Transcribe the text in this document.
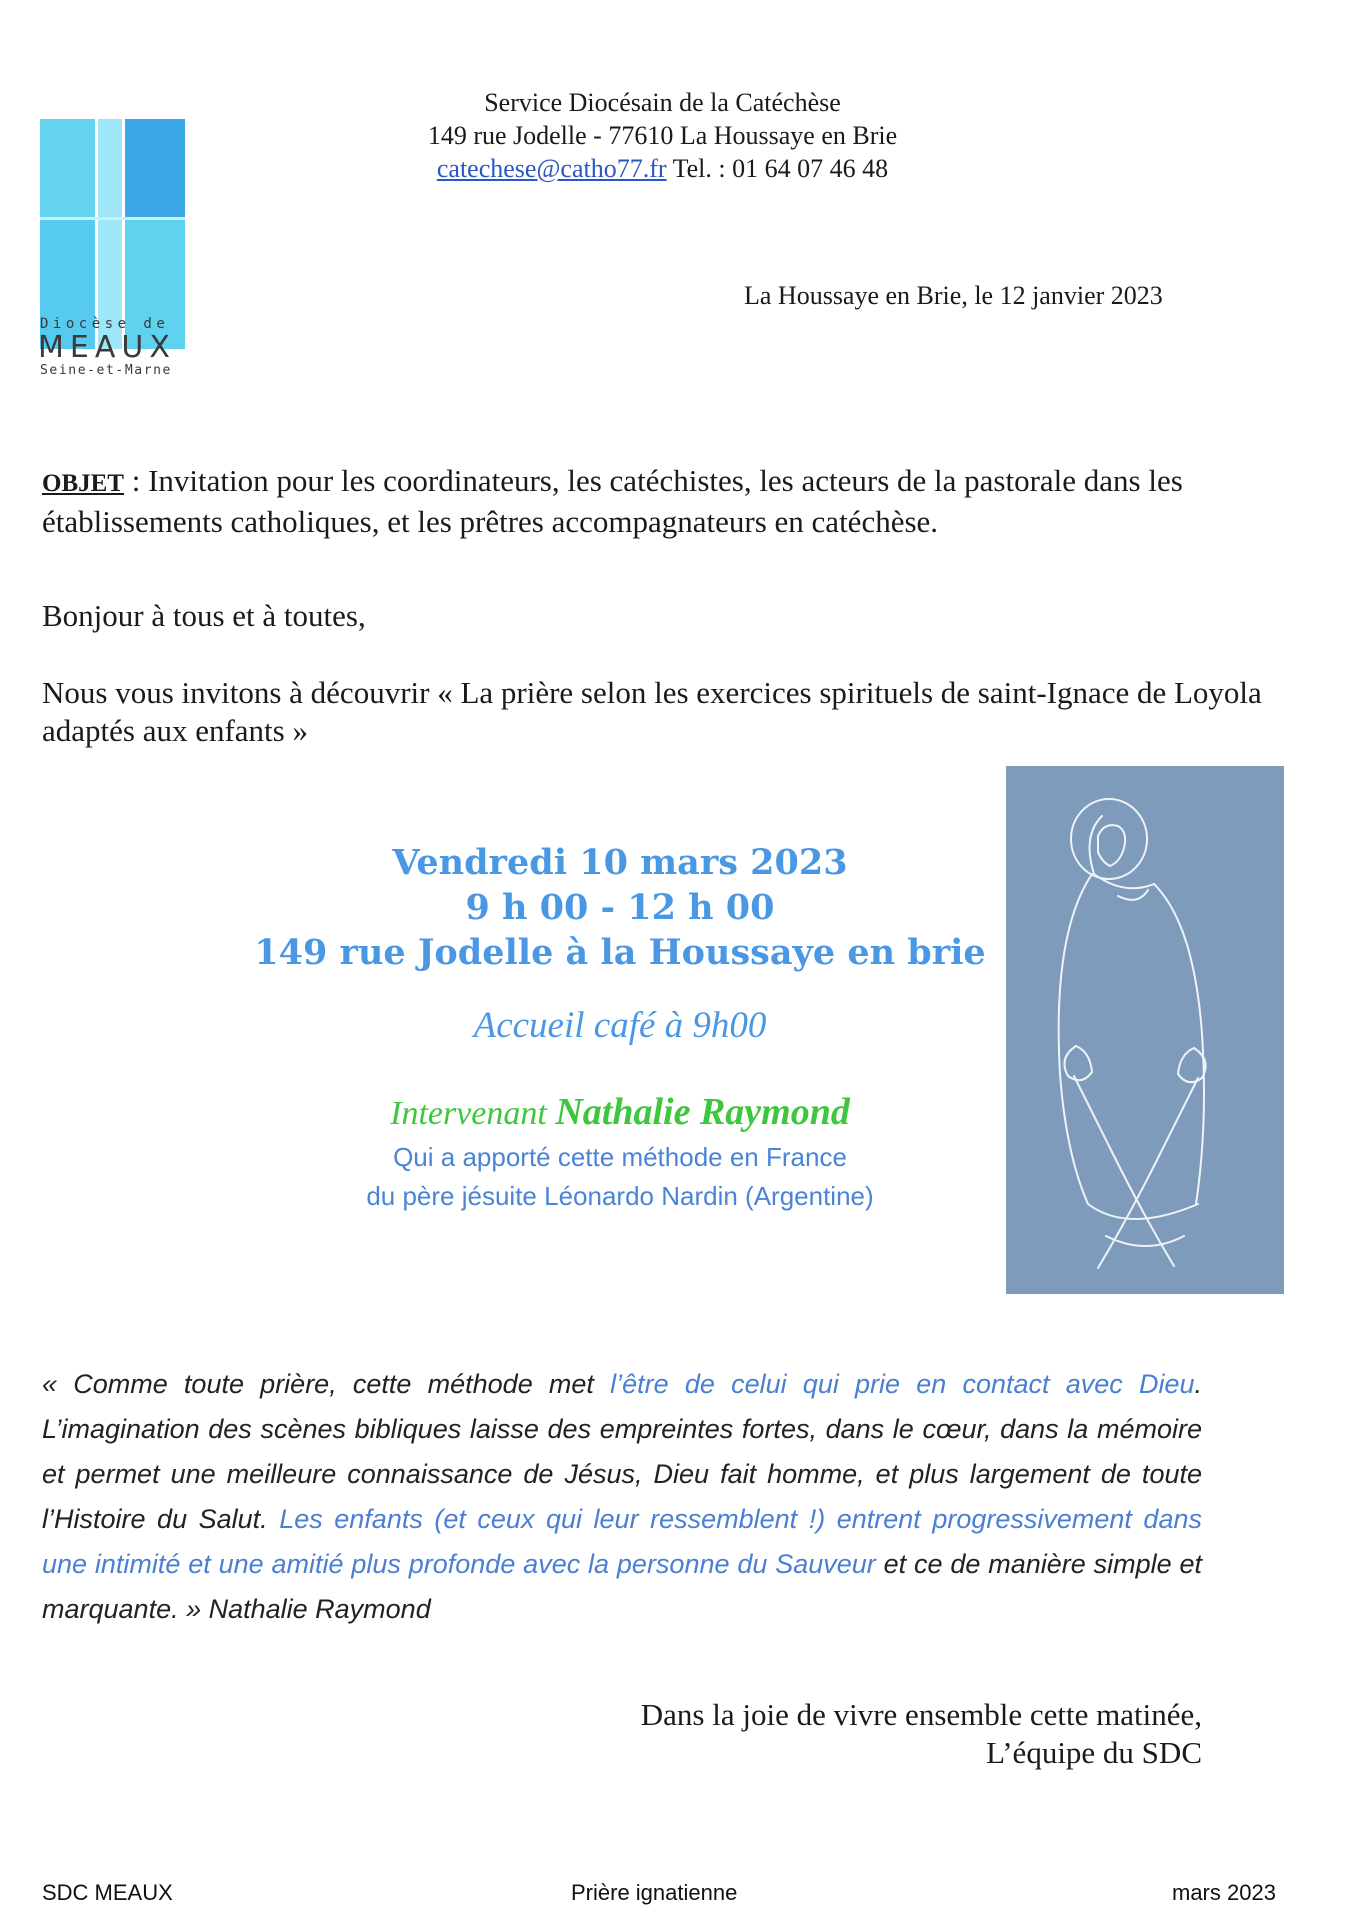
Diocèse de
MEAUX
Seine-et-Marne
Service Diocésain de la Catéchèse
149 rue Jodelle - 77610 La Houssaye en Brie
catechese@catho77.fr Tel. : 01 64 07 46 48
La Houssaye en Brie, le 12 janvier 2023
OBJET : Invitation pour les coordinateurs, les catéchistes, les acteurs de la pastorale dans les établissements catholiques, et les prêtres accompagnateurs en catéchèse.
Bonjour à tous et à toutes,
Nous vous invitons à découvrir « La prière selon les exercices spirituels de saint-Ignace de Loyola adaptés aux enfants »
Vendredi 10 mars 2023
9 h 00 - 12 h 00
149 rue Jodelle à la Houssaye en brie
Accueil café à 9h00
Intervenant Nathalie Raymond
Qui a apporté cette méthode en France
du père jésuite Léonardo Nardin (Argentine)
« Comme toute prière, cette méthode met l’être de celui qui prie en contact avec Dieu. L’imagination des scènes bibliques laisse des empreintes fortes, dans le cœur, dans la mémoire et permet une meilleure connaissance de Jésus, Dieu fait homme, et plus largement de toute l’Histoire du Salut. Les enfants (et ceux qui leur ressemblent !) entrent progressivement dans une intimité et une amitié plus profonde avec la personne du Sauveur et ce de manière simple et marquante. » Nathalie Raymond
Dans la joie de vivre ensemble cette matinée,
L’équipe du SDC
SDC MEAUX	Prière ignatienne	mars 2023
